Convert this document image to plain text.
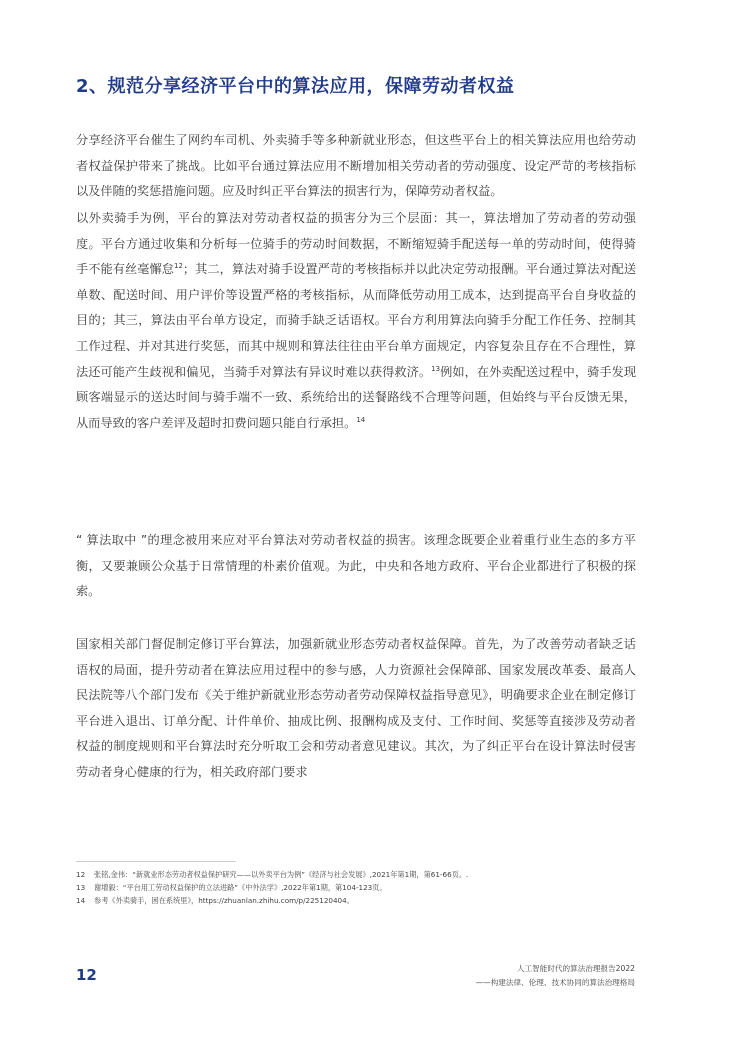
2、规范分享经济平台中的算法应用，保障劳动者权益
分享经济平台催生了网约车司机、外卖骑手等多种新就业形态，但这些平台上的相关算法应用也给劳动者权益保护带来了挑战。比如平台通过算法应用不断增加相关劳动者的劳动强度、设定严苛的考核指标以及伴随的奖惩措施问题。应及时纠正平台算法的损害行为，保障劳动者权益。
以外卖骑手为例，平台的算法对劳动者权益的损害分为三个层面：其一，算法增加了劳动者的劳动强度。平台方通过收集和分析每一位骑手的劳动时间数据，不断缩短骑手配送每一单的劳动时间，使得骑手不能有丝毫懈怠$^{12}$；其二，算法对骑手设置严苛的考核指标并以此决定劳动报酬。平台通过算法对配送单数、配送时间、用户评价等设置严格的考核指标，从而降低劳动用工成本，达到提高平台自身收益的目的；其三，算法由平台单方设定，而骑手缺乏话语权。平台方利用算法向骑手分配工作任务、控制其工作过程、并对其进行奖惩，而其中规则和算法往往由平台单方面规定，内容复杂且存在不合理性，算法还可能产生歧视和偏见，当骑手对算法有异议时难以获得救济。$^{13}$例如，在外卖配送过程中，骑手发现顾客端显示的送达时间与骑手端不一致、系统给出的送餐路线不合理等问题，但始终与平台反馈无果，从而导致的客户差评及超时扣费问题只能自行承担。$^{14}$
“ 算法取中 ”的理念被用来应对平台算法对劳动者权益的损害。该理念既要企业着重行业生态的多方平衡，又要兼顾公众基于日常情理的朴素价值观。为此，中央和各地方政府、平台企业都进行了积极的探索。
国家相关部门督促制定修订平台算法，加强新就业形态劳动者权益保障。首先，为了改善劳动者缺乏话语权的局面，提升劳动者在算法应用过程中的参与感，人力资源社会保障部、国家发展改革委、最高人民法院等八个部门发布《关于维护新就业形态劳动者劳动保障权益指导意见》，明确要求企业在制定修订平台进入退出、订单分配、计件单价、抽成比例、报酬构成及支付、工作时间、奖惩等直接涉及劳动者权益的制度规则和平台算法时充分听取工会和劳动者意见建议。其次，为了纠正平台在设计算法时侵害劳动者身心健康的行为，相关政府部门要求
12 张铭,金伟：“新就业形态劳动者权益保护研究——以外卖平台为例”《经济与社会发展》,2021年第1期，第61-66页。.
13 谢增毅：“平台用工劳动权益保护的立法进路”《中外法学》,2022年第1期，第104-123页。
14 参考《外卖骑手，困在系统里》，https://zhuanlan.zhihu.com/p/225120404。
12	人工智能时代的算法治理报告2022
——构建法律、伦理、技术协同的算法治理格局
